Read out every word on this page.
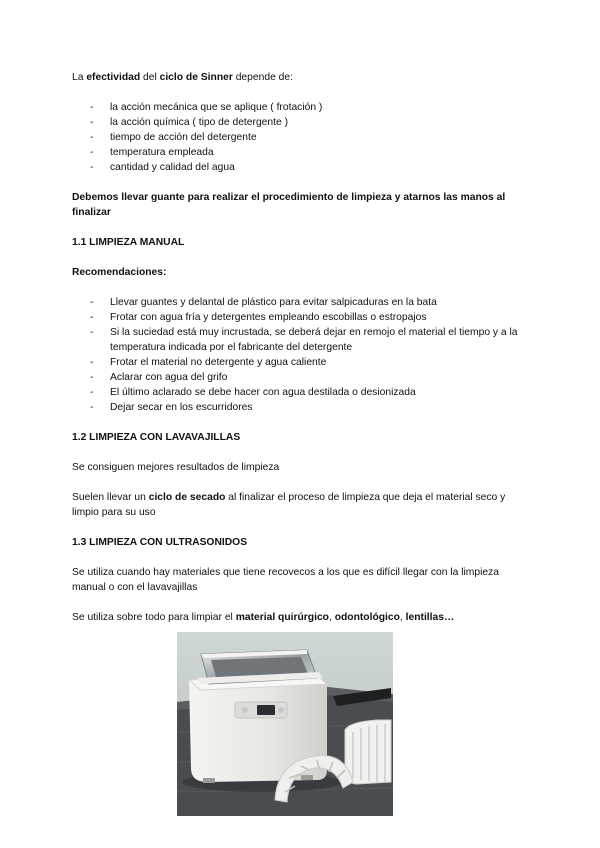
La efectividad del ciclo de Sinner depende de:

- la acción mecánica que se aplique ( frotación )
- la acción química ( tipo de detergente )
- tiempo de acción del detergente
- temperatura empleada
- cantidad y calidad del agua

Debemos llevar guante para realizar el procedimiento de limpieza y atarnos las manos al finalizar

1.1 LIMPIEZA MANUAL

Recomendaciones:

- Llevar guantes y delantal de plástico para evitar salpicaduras en la bata
- Frotar con agua fría y detergentes empleando escobillas o estropajos
- Si la suciedad está muy incrustada, se deberá dejar en remojo el material el tiempo y a la temperatura indicada por el fabricante del detergente
- Frotar el material no detergente y agua caliente
- Aclarar con agua del grifo
- El último aclarado se debe hacer con agua destilada o desionizada
- Dejar secar en los escurridores

1.2 LIMPIEZA CON LAVAVAJILLAS

Se consiguen mejores resultados de limpieza

Suelen llevar un ciclo de secado al finalizar el proceso de limpieza que deja el material seco y limpio para su uso

1.3 LIMPIEZA CON ULTRASONIDOS

Se utiliza cuando hay materiales que tiene recovecos a los que es difícil llegar con la limpieza manual o con el lavavajillas

Se utiliza sobre todo para limpiar el material quirúrgico, odontológico, lentillas…
